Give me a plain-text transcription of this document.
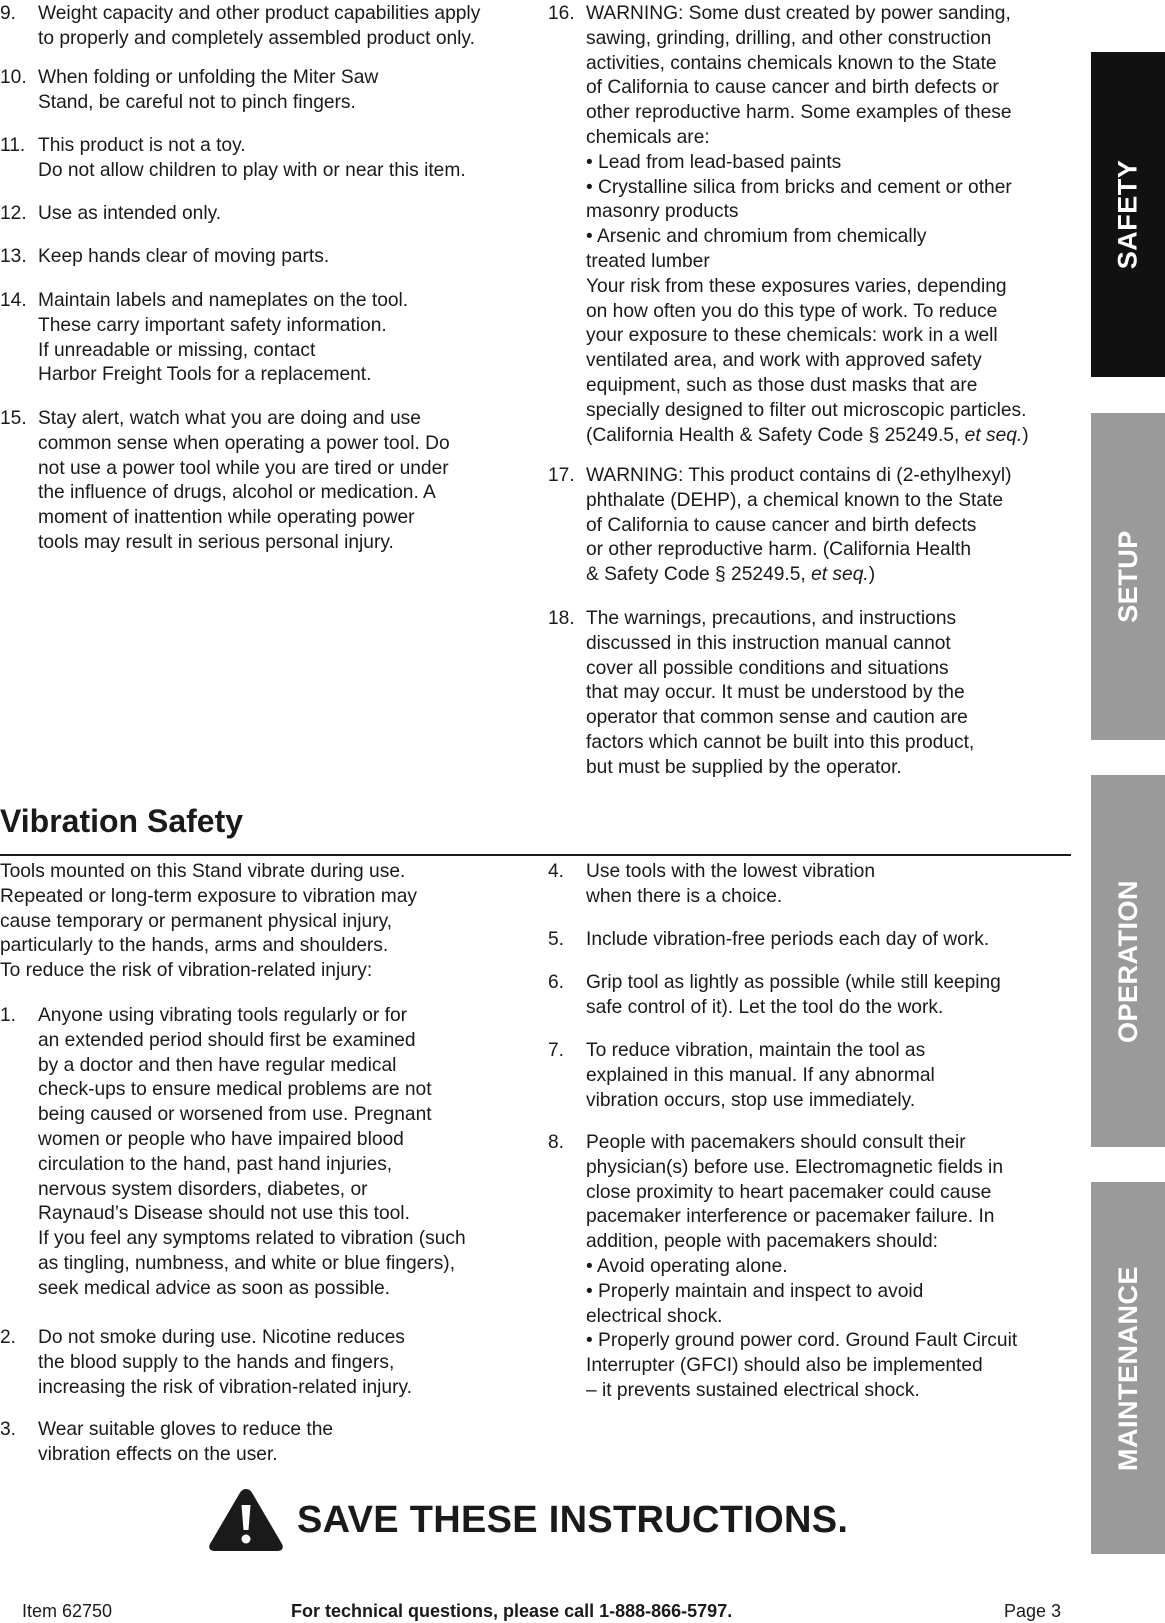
9.	Weight capacity and other product capabilities apply
to properly and completely assembled product only.
10. When folding or unfolding the Miter Saw
Stand, be careful not to pinch fingers.
11. This product is not a toy.
Do not allow children to play with or near this item.
12. Use as intended only.
13. Keep hands clear of moving parts.
14. Maintain labels and nameplates on the tool.
These carry important safety information.
If unreadable or missing, contact
Harbor Freight Tools for a replacement.
15. Stay alert, watch what you are doing and use
common sense when operating a power tool. Do
not use a power tool while you are tired or under
the influence of drugs, alcohol or medication. A
moment of inattention while operating power
tools may result in serious personal injury.
16. WARNING: Some dust created by power sanding,
sawing, grinding, drilling, and other construction
activities, contains chemicals known to the State
of California to cause cancer and birth defects or
other reproductive harm. Some examples of these
chemicals are:
• Lead from lead-based paints
• Crystalline silica from bricks and cement or other
masonry products
• Arsenic and chromium from chemically
treated lumber
Your risk from these exposures varies, depending
on how often you do this type of work. To reduce
your exposure to these chemicals: work in a well
ventilated area, and work with approved safety
equipment, such as those dust masks that are
specially designed to filter out microscopic particles.
(California Health & Safety Code § 25249.5, et seq.)
17. WARNING: This product contains di (2-ethylhexyl)
phthalate (DEHP), a chemical known to the State
of California to cause cancer and birth defects
or other reproductive harm. (California Health
& Safety Code § 25249.5, et seq.)
18. The warnings, precautions, and instructions
discussed in this instruction manual cannot
cover all possible conditions and situations
that may occur. It must be understood by the
operator that common sense and caution are
factors which cannot be built into this product,
but must be supplied by the operator.
Vibration Safety
Tools mounted on this Stand vibrate during use.
Repeated or long-term exposure to vibration may
cause temporary or permanent physical injury,
particularly to the hands, arms and shoulders.
To reduce the risk of vibration-related injury:
1.	Anyone using vibrating tools regularly or for
an extended period should first be examined
by a doctor and then have regular medical
check-ups to ensure medical problems are not
being caused or worsened from use. Pregnant
women or people who have impaired blood
circulation to the hand, past hand injuries,
nervous system disorders, diabetes, or
Raynaud’s Disease should not use this tool.
If you feel any symptoms related to vibration (such
as tingling, numbness, and white or blue fingers),
seek medical advice as soon as possible.
2.	Do not smoke during use. Nicotine reduces
the blood supply to the hands and fingers,
increasing the risk of vibration-related injury.
3.	Wear suitable gloves to reduce the
vibration effects on the user.
4.	Use tools with the lowest vibration
when there is a choice.
5.	Include vibration-free periods each day of work.
6.	Grip tool as lightly as possible (while still keeping
safe control of it). Let the tool do the work.
7.	To reduce vibration, maintain the tool as
explained in this manual. If any abnormal
vibration occurs, stop use immediately.
8.	People with pacemakers should consult their
physician(s) before use. Electromagnetic fields in
close proximity to heart pacemaker could cause
pacemaker interference or pacemaker failure. In
addition, people with pacemakers should:
• Avoid operating alone.
• Properly maintain and inspect to avoid
electrical shock.
• Properly ground power cord. Ground Fault Circuit
Interrupter (GFCI) should also be implemented
– it prevents sustained electrical shock.
SAVE THESE INSTRUCTIONS.
SAFETY
SETUP
OPERATION
MAINTENANCE
Item 62750	For technical questions, please call 1-888-866-5797.	Page 3
